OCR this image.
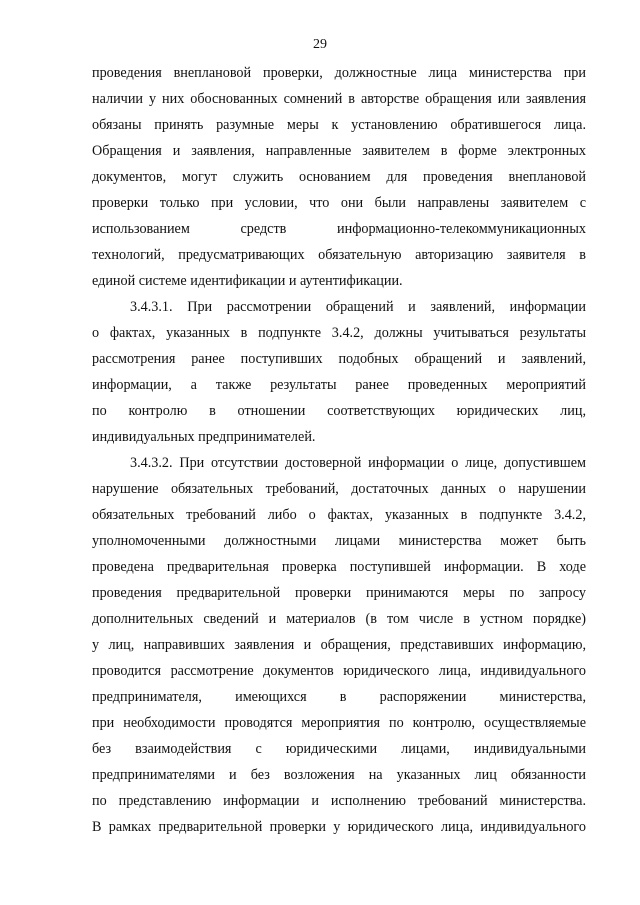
29
проведения внеплановой проверки, должностные лица министерства при
наличии у них обоснованных сомнений в авторстве обращения или заявления
обязаны принять разумные меры к установлению обратившегося лица.
Обращения и заявления, направленные заявителем в форме электронных
документов, могут служить основанием для проведения внеплановой
проверки только при условии, что они были направлены заявителем с
использованием средств информационно-телекоммуникационных
технологий, предусматривающих обязательную авторизацию заявителя в
единой системе идентификации и аутентификации.
3.4.3.1. При рассмотрении обращений и заявлений, информации
о фактах, указанных в подпункте 3.4.2, должны учитываться результаты
рассмотрения ранее поступивших подобных обращений и заявлений,
информации, а также результаты ранее проведенных мероприятий
по контролю в отношении соответствующих юридических лиц,
индивидуальных предпринимателей.
3.4.3.2. При отсутствии достоверной информации о лице, допустившем
нарушение обязательных требований, достаточных данных о нарушении
обязательных требований либо о фактах, указанных в подпункте 3.4.2,
уполномоченными должностными лицами министерства может быть
проведена предварительная проверка поступившей информации. В ходе
проведения предварительной проверки принимаются меры по запросу
дополнительных сведений и материалов (в том числе в устном порядке)
у лиц, направивших заявления и обращения, представивших информацию,
проводится рассмотрение документов юридического лица, индивидуального
предпринимателя, имеющихся в распоряжении министерства,
при необходимости проводятся мероприятия по контролю, осуществляемые
без взаимодействия с юридическими лицами, индивидуальными
предпринимателями и без возложения на указанных лиц обязанности
по представлению информации и исполнению требований министерства.
В рамках предварительной проверки у юридического лица, индивидуального
